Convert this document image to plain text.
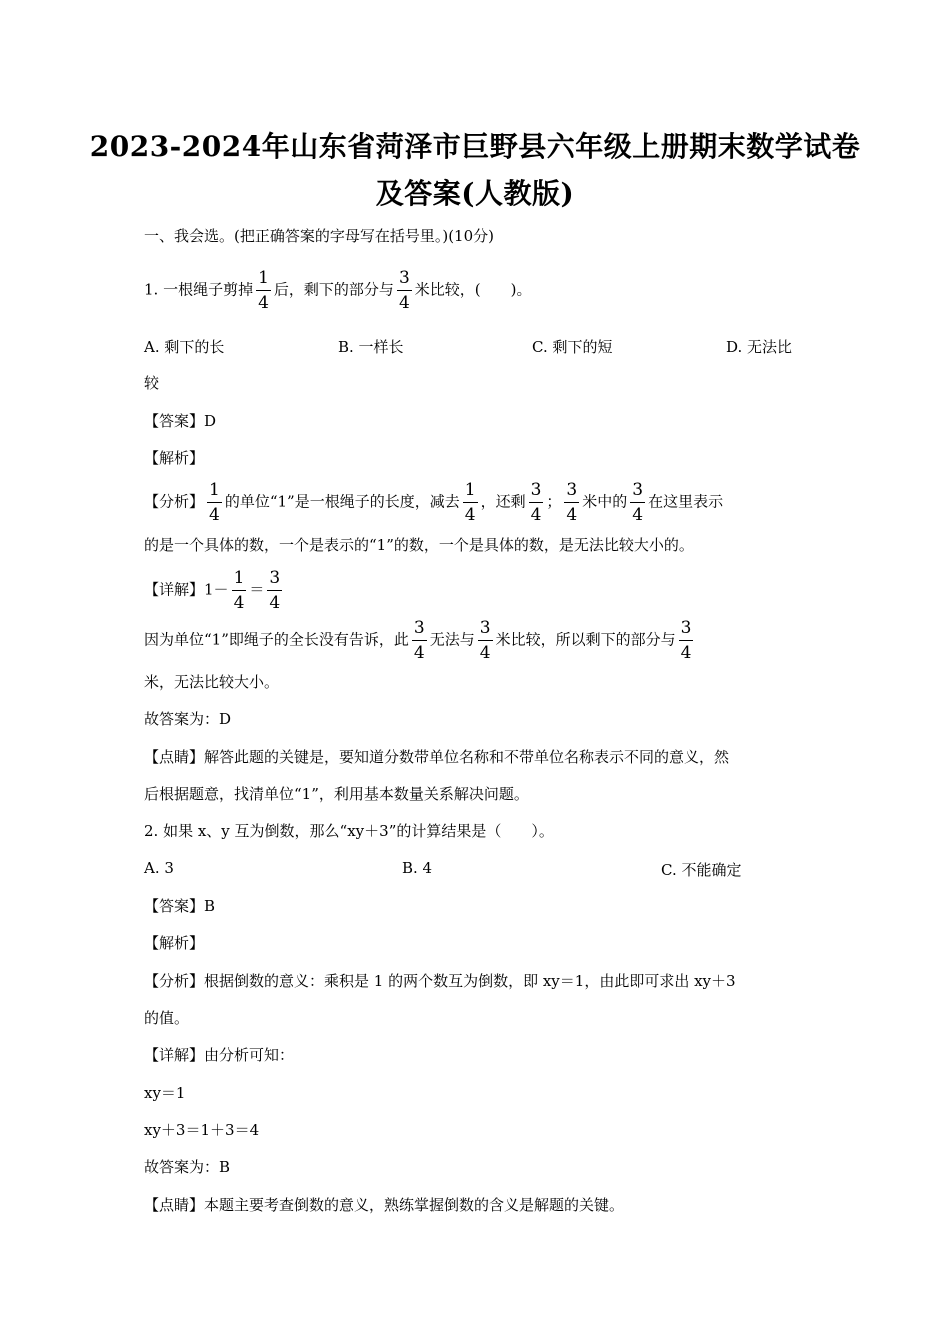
2023-2024年山东省菏泽市巨野县六年级上册期末数学试卷
及答案(人教版)
一、我会选。(把正确答案的字母写在括号里。)(10分)
1. 一根绳子剪掉 $\frac{1}{4}$ 后，剩下的部分与 $\frac{3}{4}$ 米比较，(　　)。
A. 剩下的长	B. 一样长	C. 剩下的短	D. 无法比
较
【答案】D
【解析】
【分析】 $\frac{1}{4}$ 的单位“1”是一根绳子的长度，减去 $\frac{1}{4}$ ，还剩 $\frac{3}{4}$ ； $\frac{3}{4}$ 米中的 $\frac{3}{4}$ 在这里表示
的是一个具体的数，一个是表示的“1”的数，一个是具体的数，是无法比较大小的。
【详解】$1- \frac{1}{4} = \frac{3}{4}$
因为单位“1”即绳子的全长没有告诉，此 $\frac{3}{4}$ 无法与 $\frac{3}{4}$ 米比较，所以剩下的部分与 $\frac{3}{4}$
米，无法比较大小。
故答案为：D
【点睛】解答此题的关键是，要知道分数带单位名称和不带单位名称表示不同的意义，然
后根据题意，找清单位“1”，利用基本数量关系解决问题。
2. 如果 x、y 互为倒数，那么“xy＋3”的计算结果是（　　）。
A. 3	B. 4	C. 不能确定
【答案】B
【解析】
【分析】根据倒数的意义：乘积是 1 的两个数互为倒数，即 xy＝1，由此即可求出 xy＋3
的值。
【详解】由分析可知：
xy＝1
xy＋3＝1＋3＝4
故答案为：B
【点睛】本题主要考查倒数的意义，熟练掌握倒数的含义是解题的关键。
